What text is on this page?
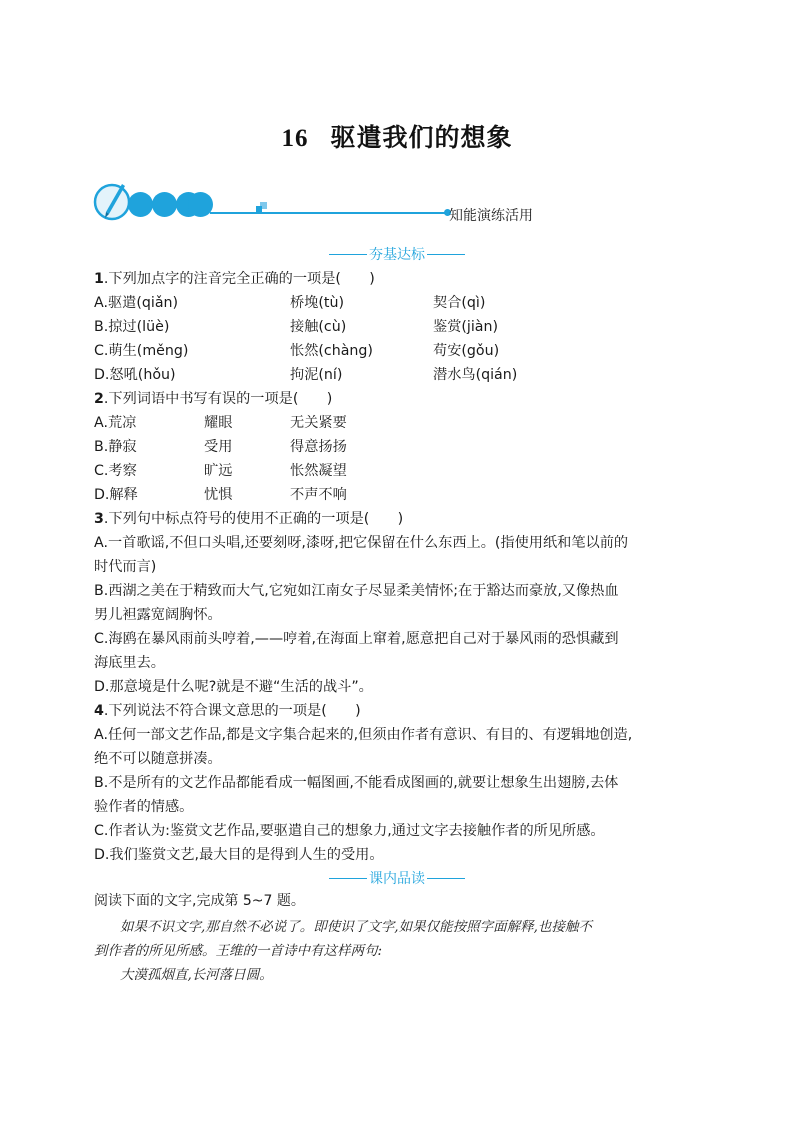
16 驱遣我们的想象
知能演练活用
夯基达标
1.下列加点字的注音完全正确的一项是(　　)
A.驱遣(qiǎn)	桥堍(tù)	契合(qì)
B.掠过(lüè)	接触(cù)	鉴赏(jiàn)
C.萌生(měng)	怅然(chàng)	苟安(gǒu)
D.怒吼(hǒu)	拘泥(ní)	潜水鸟(qián)
2.下列词语中书写有误的一项是(　　)
A.荒凉	耀眼	无关紧要
B.静寂	受用	得意扬扬
C.考察	旷远	怅然凝望
D.解释	忧惧	不声不响
3.下列句中标点符号的使用不正确的一项是(　　)
A.一首歌谣,不但口头唱,还要刻呀,漆呀,把它保留在什么东西上。(指使用纸和笔以前的
时代而言)
B.西湖之美在于精致而大气,它宛如江南女子尽显柔美情怀;在于豁达而豪放,又像热血
男儿袒露宽阔胸怀。
C.海鸥在暴风雨前头哼着,——哼着,在海面上窜着,愿意把自己对于暴风雨的恐惧藏到
海底里去。
D.那意境是什么呢?就是不避“生活的战斗”。
4.下列说法不符合课文意思的一项是(　　)
A.任何一部文艺作品,都是文字集合起来的,但须由作者有意识、有目的、有逻辑地创造,
绝不可以随意拼凑。
B.不是所有的文艺作品都能看成一幅图画,不能看成图画的,就要让想象生出翅膀,去体
验作者的情感。
C.作者认为:鉴赏文艺作品,要驱遣自己的想象力,通过文字去接触作者的所见所感。
D.我们鉴赏文艺,最大目的是得到人生的受用。
课内品读
阅读下面的文字,完成第 5~7 题。
如果不识文字,那自然不必说了。即使识了文字,如果仅能按照字面解释,也接触不
到作者的所见所感。王维的一首诗中有这样两句:
大漠孤烟直,长河落日圆。
